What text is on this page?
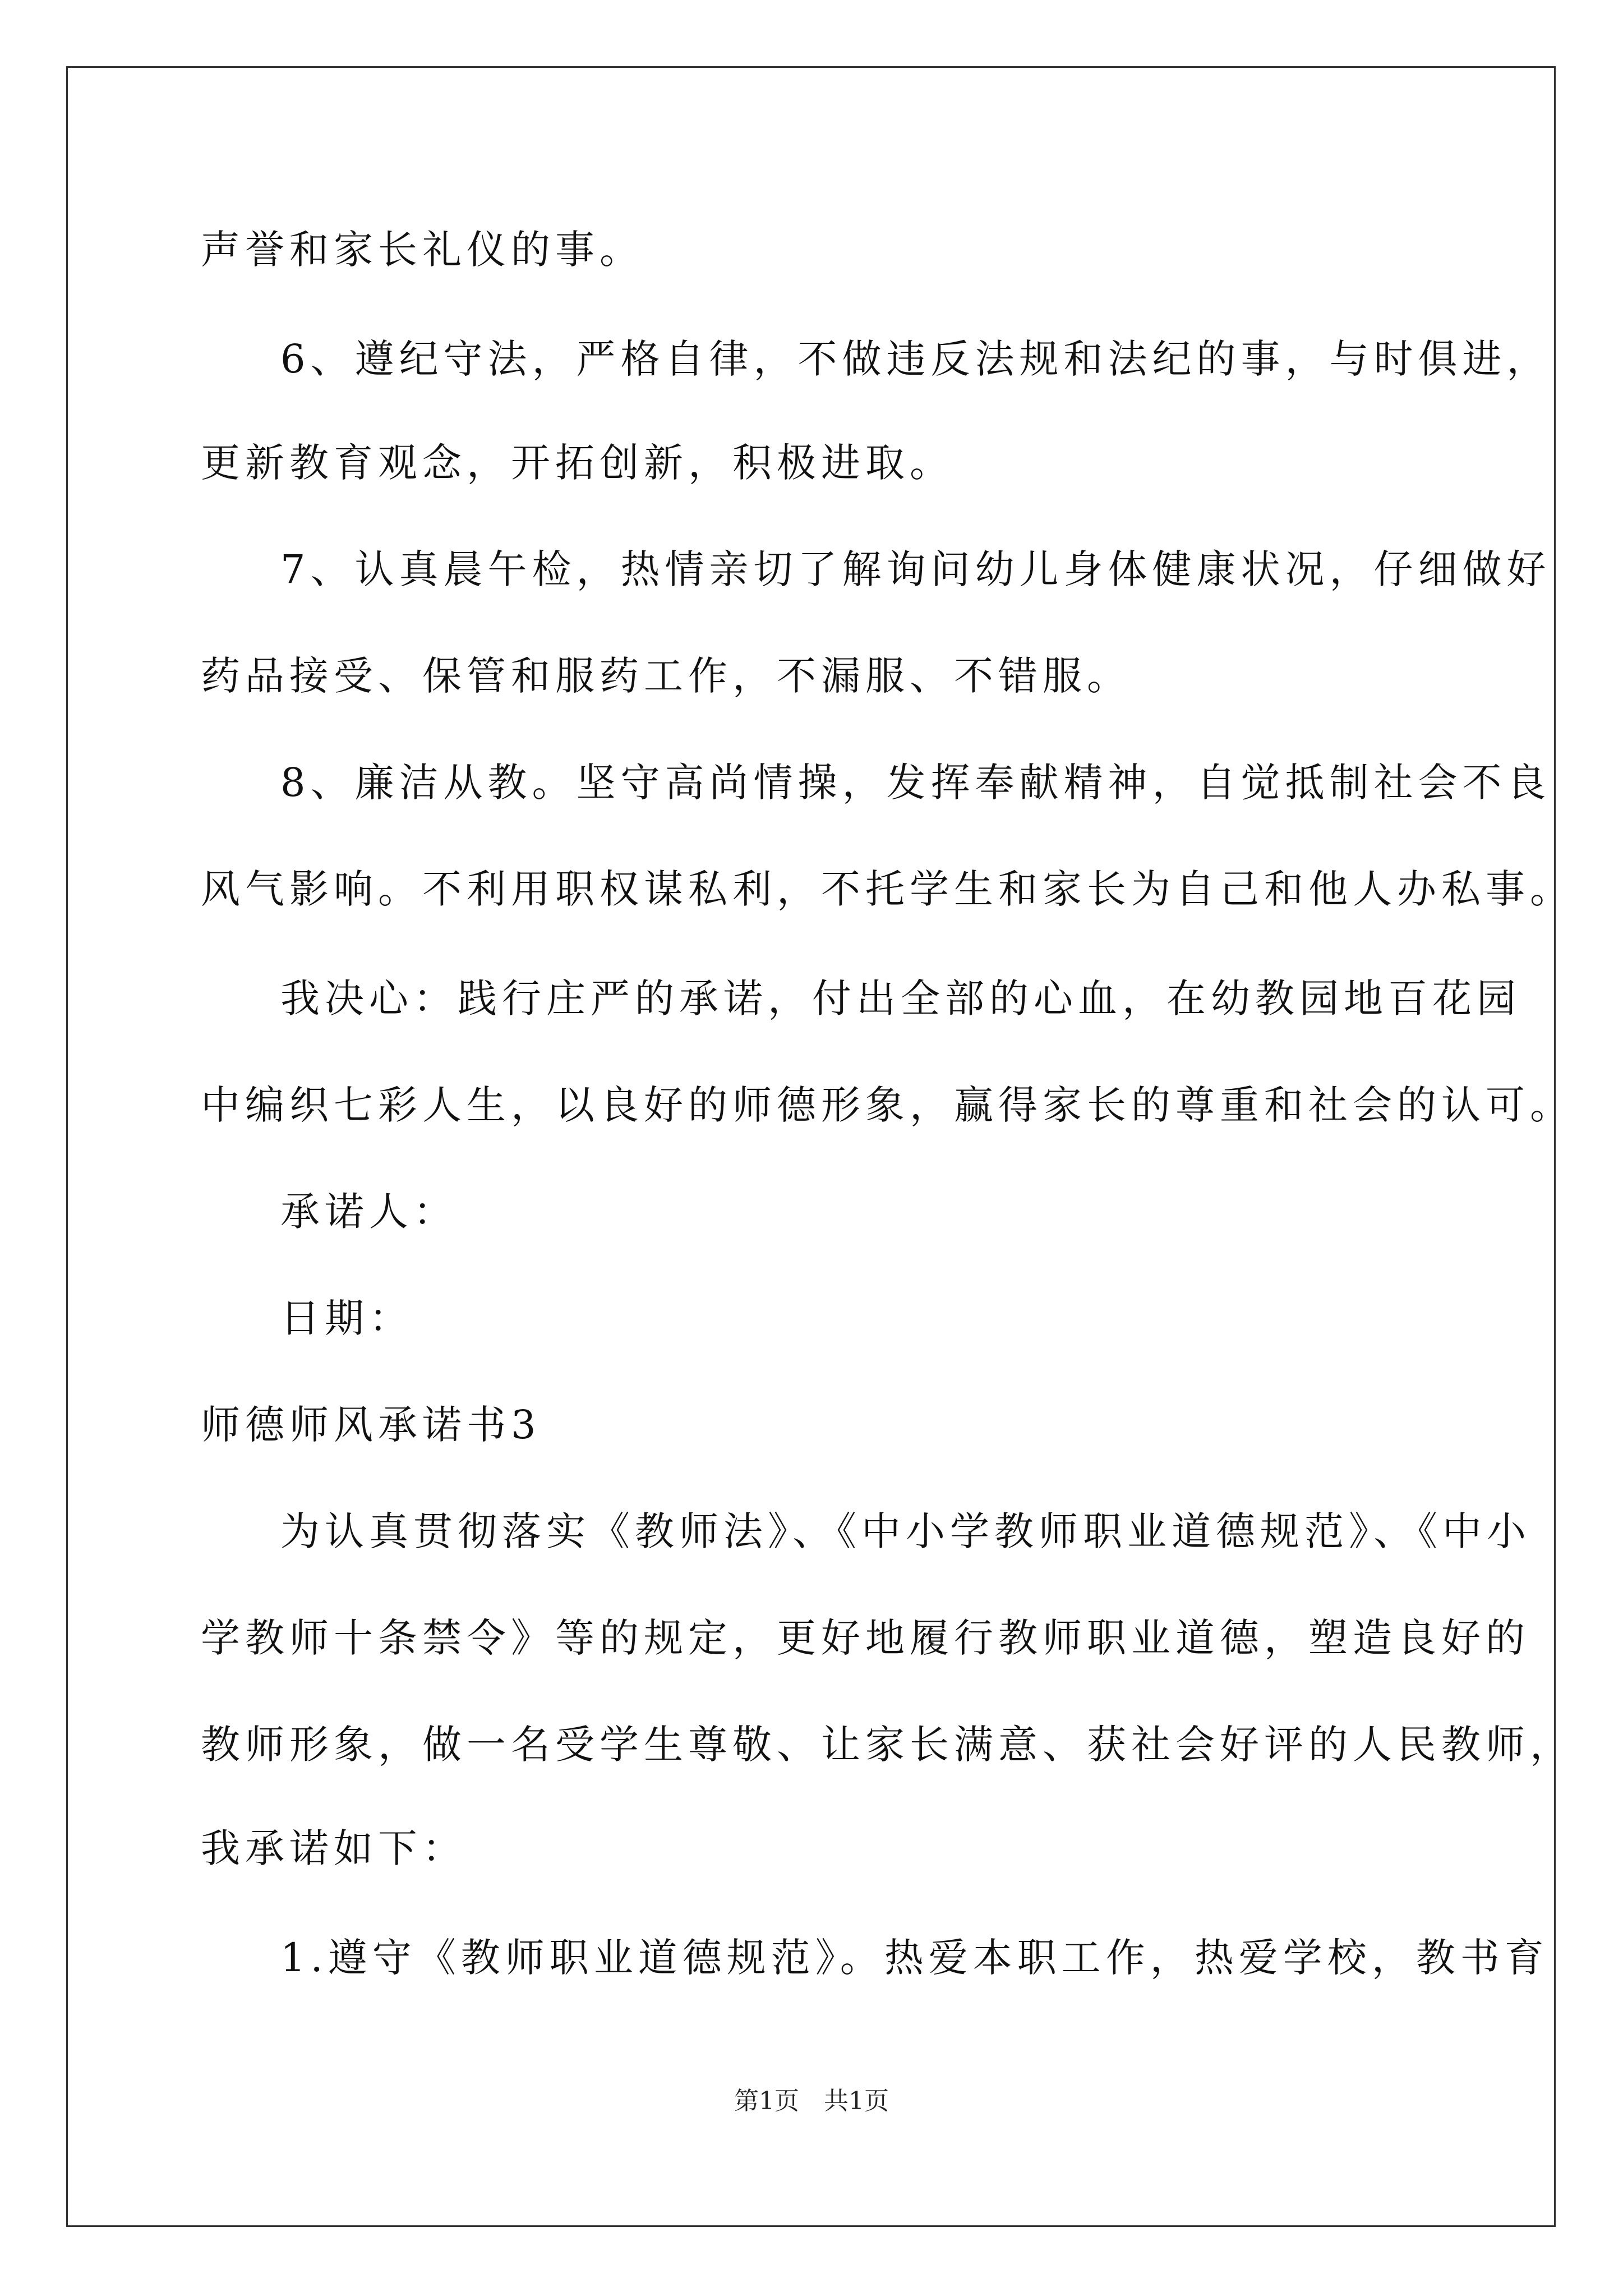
声誉和家长礼仪的事。
6、遵纪守法，严格自律，不做违反法规和法纪的事，与时俱进，
更新教育观念，开拓创新，积极进取。
7、认真晨午检，热情亲切了解询问幼儿身体健康状况，仔细做好
药品接受、保管和服药工作，不漏服、不错服。
8、廉洁从教。坚守高尚情操，发挥奉献精神，自觉抵制社会不良
风气影响。不利用职权谋私利，不托学生和家长为自己和他人办私事。
我决心：践行庄严的承诺，付出全部的心血，在幼教园地百花园
中编织七彩人生，以良好的师德形象，赢得家长的尊重和社会的认可。
承诺人：
日期：
师德师风承诺书3
为认真贯彻落实《教师法》、《中小学教师职业道德规范》、《中小
学教师十条禁令》等的规定，更好地履行教师职业道德，塑造良好的
教师形象，做一名受学生尊敬、让家长满意、获社会好评的人民教师，
我承诺如下：
1.遵守《教师职业道德规范》。热爱本职工作，热爱学校，教书育
第1页　共1页
